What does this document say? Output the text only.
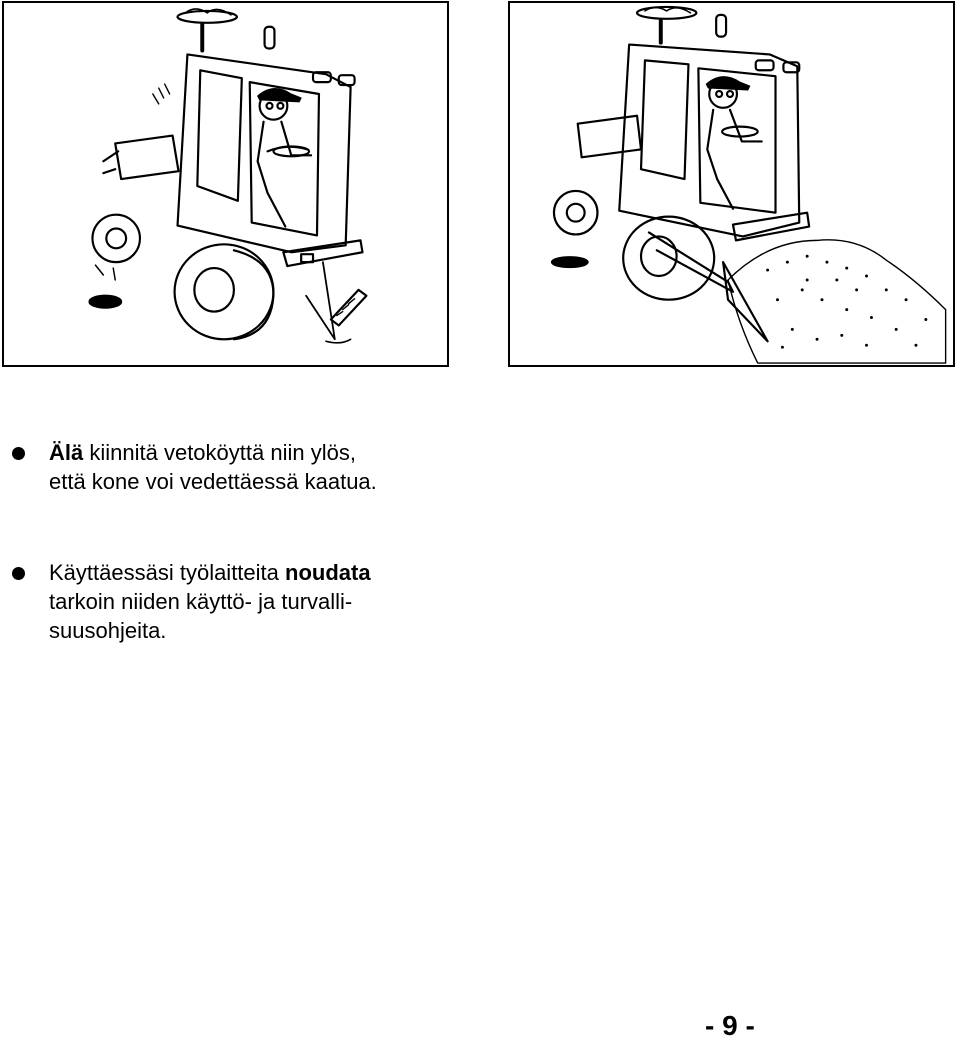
Älä kiinnitä vetoköyttä niin ylös,
että kone voi vedettäessä kaatua.
Käyttäessäsi työlaitteita noudata
tarkoin niiden käyttö- ja turvalli-
suusohjeita.
- 9 -
